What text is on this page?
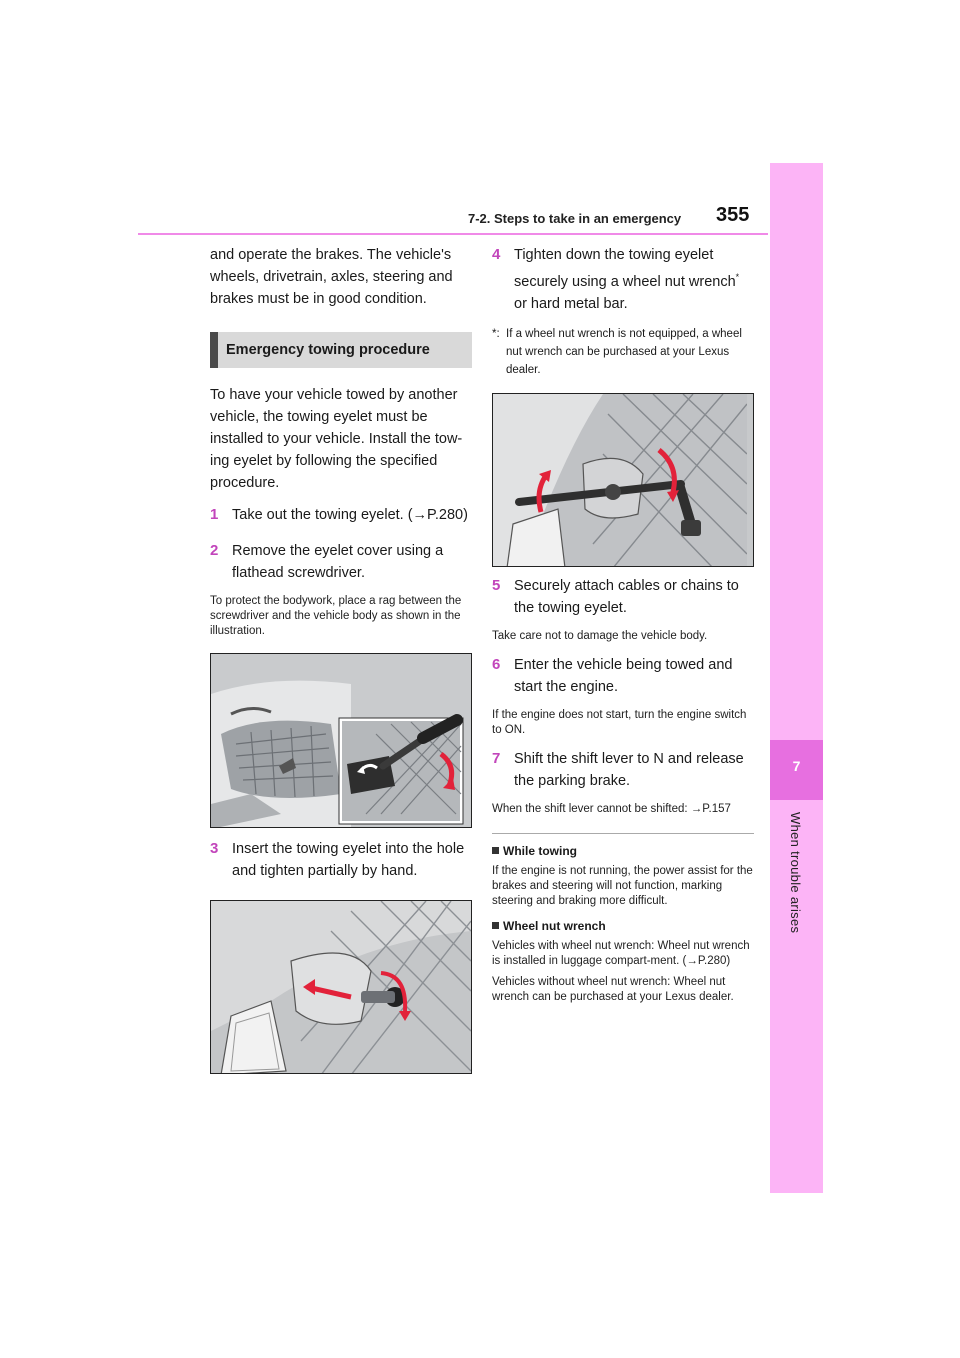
7-2. Steps to take in an emergency 355
7
When trouble arises

and operate the brakes. The vehicle's wheels, drivetrain, axles, steering and brakes must be in good condition.

Emergency towing procedure

To have your vehicle towed by another vehicle, the towing eyelet must be installed to your vehicle. Install the tow-ing eyelet by following the specified procedure.

1 Take out the towing eyelet. (→P.280)
2 Remove the eyelet cover using a flathead screwdriver.

To protect the bodywork, place a rag between the screwdriver and the vehicle body as shown in the illustration.

3 Insert the towing eyelet into the hole and tighten partially by hand.
4 Tighten down the towing eyelet securely using a wheel nut wrench* or hard metal bar.
*: If a wheel nut wrench is not equipped, a wheel nut wrench can be purchased at your Lexus dealer.
5 Securely attach cables or chains to the towing eyelet.

Take care not to damage the vehicle body.

6 Enter the vehicle being towed and start the engine.

If the engine does not start, turn the engine switch to ON.

7 Shift the shift lever to N and release the parking brake.

When the shift lever cannot be shifted: →P.157

While towing

If the engine is not running, the power assist for the brakes and steering will not function, marking steering and braking more difficult.

Wheel nut wrench

Vehicles with wheel nut wrench: Wheel nut wrench is installed in luggage compart-ment. (→P.280)

Vehicles without wheel nut wrench: Wheel nut wrench can be purchased at your Lexus dealer.
